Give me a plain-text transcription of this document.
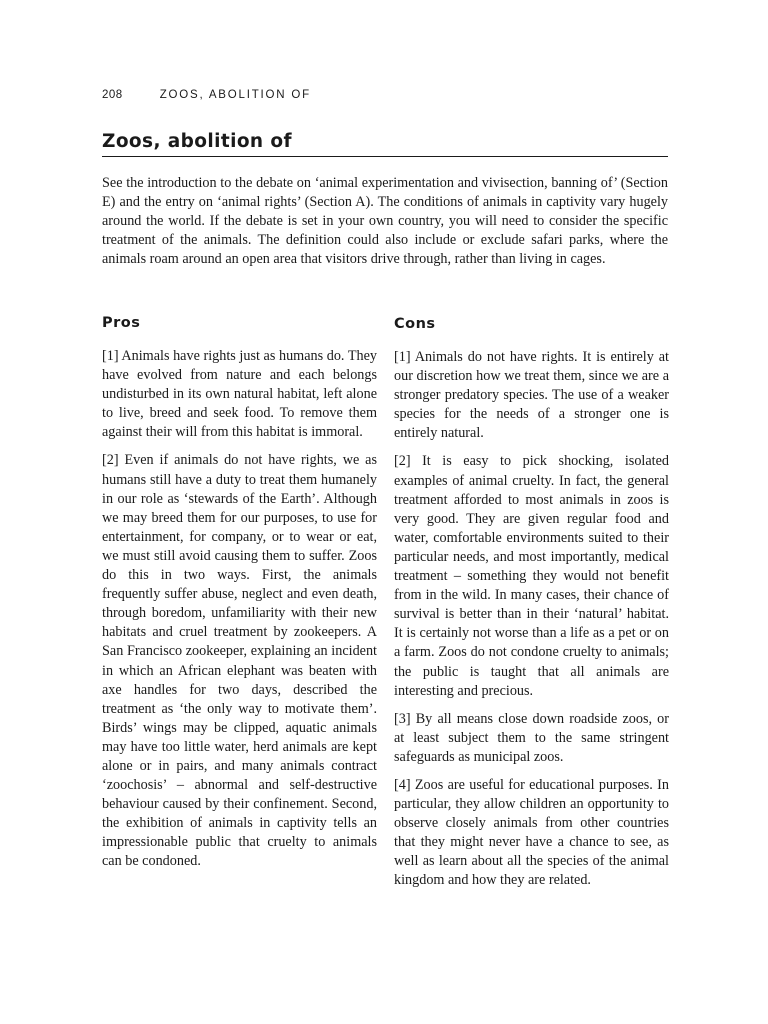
208	ZOOS, ABOLITION OF
Zoos, abolition of

See the introduction to the debate on ‘animal experimentation and vivisection, banning of’ (Section E) and the entry on ‘animal rights’ (Section A). The conditions of animals in captivity vary hugely around the world. If the debate is set in your own country, you will need to consider the specific treatment of the animals. The definition could also include or exclude safari parks, where the animals roam around an open area that visitors drive through, rather than living in cages.

Pros

[1] Animals have rights just as humans do. They have evolved from nature and each belongs undisturbed in its own natural habitat, left alone to live, breed and seek food. To remove them against their will from this habitat is immoral.

[2] Even if animals do not have rights, we as humans still have a duty to treat them humanely in our role as ‘stewards of the Earth’. Although we may breed them for our purposes, to use for entertainment, for company, or to wear or eat, we must still avoid causing them to suffer. Zoos do this in two ways. First, the animals frequently suffer abuse, neglect and even death, through boredom, unfamiliarity with their new habitats and cruel treatment by zookeepers. A San Francisco zookeeper, explaining an incident in which an African elephant was beaten with axe handles for two days, described the treatment as ‘the only way to motivate them’. Birds’ wings may be clipped, aquatic animals may have too little water, herd animals are kept alone or in pairs, and many animals contract ‘zoochosis’ – abnormal and self-destructive behaviour caused by their confinement. Second, the exhibition of animals in captivity tells an impressionable public that cruelty to animals can be condoned.

Cons

[1] Animals do not have rights. It is entirely at our discretion how we treat them, since we are a stronger predatory species. The use of a weaker species for the needs of a stronger one is entirely natural.

[2] It is easy to pick shocking, isolated examples of animal cruelty. In fact, the general treatment afforded to most animals in zoos is very good. They are given regular food and water, comfortable environments suited to their particular needs, and most importantly, medical treatment – something they would not benefit from in the wild. In many cases, their chance of survival is better than in their ‘natural’ habitat. It is certainly not worse than a life as a pet or on a farm. Zoos do not condone cruelty to animals; the public is taught that all animals are interesting and precious.

[3] By all means close down roadside zoos, or at least subject them to the same stringent safeguards as municipal zoos.

[4] Zoos are useful for educational purposes. In particular, they allow children an opportunity to observe closely animals from other countries that they might never have a chance to see, as well as learn about all the species of the animal kingdom and how they are related.
